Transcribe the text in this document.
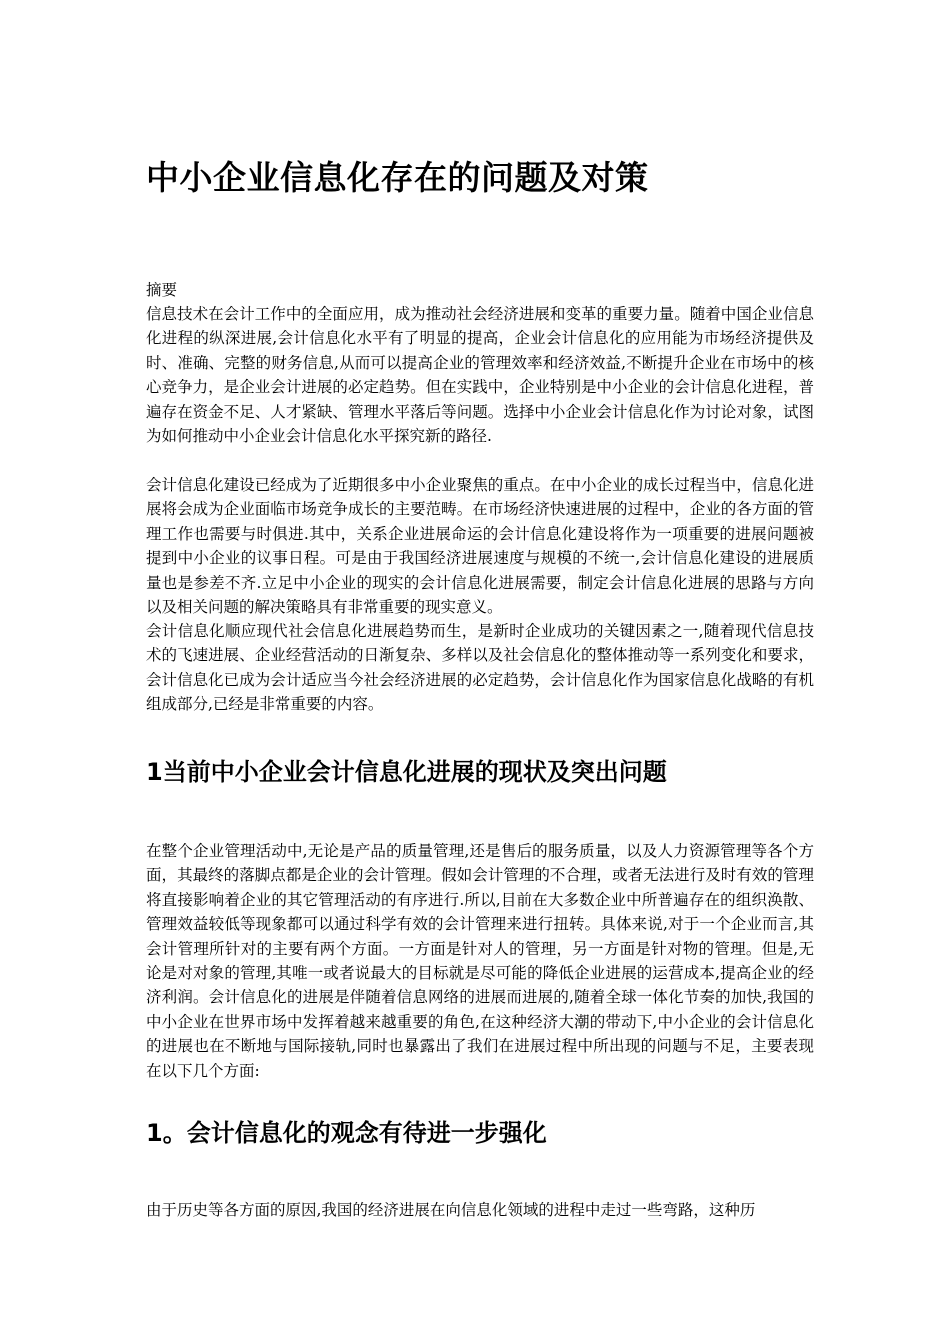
中小企业信息化存在的问题及对策
摘要

信息技术在会计工作中的全面应用，成为推动社会经济进展和变革的重要力量。随着中国企业信息化进程的纵深进展,会计信息化水平有了明显的提高，企业会计信息化的应用能为市场经济提供及时、准确、完整的财务信息,从而可以提高企业的管理效率和经济效益,不断提升企业在市场中的核心竞争力，是企业会计进展的必定趋势。但在实践中，企业特别是中小企业的会计信息化进程，普遍存在资金不足、人才紧缺、管理水平落后等问题。选择中小企业会计信息化作为讨论对象，试图为如何推动中小企业会计信息化水平探究新的路径.

会计信息化建设已经成为了近期很多中小企业聚焦的重点。在中小企业的成长过程当中，信息化进展将会成为企业面临市场竞争成长的主要范畴。在市场经济快速进展的过程中，企业的各方面的管理工作也需要与时俱进.其中，关系企业进展命运的会计信息化建设将作为一项重要的进展问题被提到中小企业的议事日程。可是由于我国经济进展速度与规模的不统一,会计信息化建设的进展质量也是参差不齐.立足中小企业的现实的会计信息化进展需要，制定会计信息化进展的思路与方向以及相关问题的解决策略具有非常重要的现实意义。

会计信息化顺应现代社会信息化进展趋势而生，是新时企业成功的关键因素之一,随着现代信息技术的飞速进展、企业经营活动的日渐复杂、多样以及社会信息化的整体推动等一系列变化和要求，会计信息化已成为会计适应当今社会经济进展的必定趋势，会计信息化作为国家信息化战略的有机组成部分,已经是非常重要的内容。

1当前中小企业会计信息化进展的现状及突出问题

在整个企业管理活动中,无论是产品的质量管理,还是售后的服务质量，以及人力资源管理等各个方面，其最终的落脚点都是企业的会计管理。假如会计管理的不合理，或者无法进行及时有效的管理将直接影响着企业的其它管理活动的有序进行.所以,目前在大多数企业中所普遍存在的组织涣散、管理效益较低等现象都可以通过科学有效的会计管理来进行扭转。具体来说,对于一个企业而言,其会计管理所针对的主要有两个方面。一方面是针对人的管理，另一方面是针对物的管理。但是,无论是对对象的管理,其唯一或者说最大的目标就是尽可能的降低企业进展的运营成本,提高企业的经济利润。会计信息化的进展是伴随着信息网络的进展而进展的,随着全球一体化节奏的加快,我国的中小企业在世界市场中发挥着越来越重要的角色,在这种经济大潮的带动下,中小企业的会计信息化的进展也在不断地与国际接轨,同时也暴露出了我们在进展过程中所出现的问题与不足，主要表现在以下几个方面:

1。会计信息化的观念有待进一步强化

由于历史等各方面的原因,我国的经济进展在向信息化领域的进程中走过一些弯路，这种历
